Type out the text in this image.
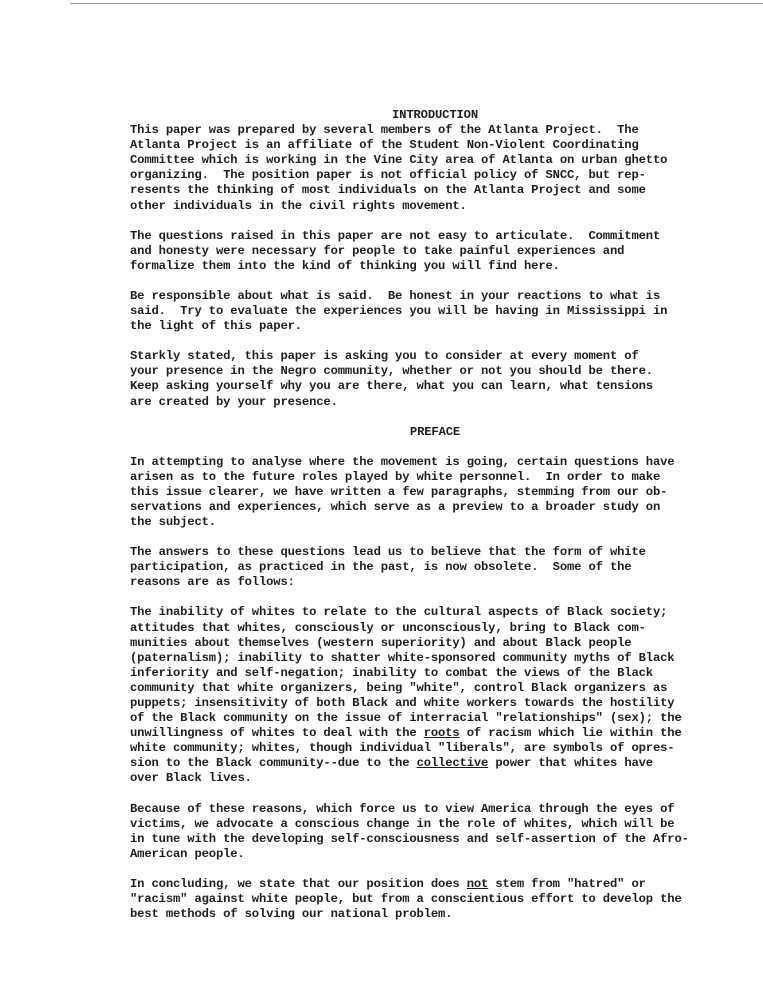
INTRODUCTION
This paper was prepared by several members of the Atlanta Project.  The
Atlanta Project is an affiliate of the Student Non-Violent Coordinating
Committee which is working in the Vine City area of Atlanta on urban ghetto
organizing.  The position paper is not official policy of SNCC, but rep-
resents the thinking of most individuals on the Atlanta Project and some
other individuals in the civil rights movement.
The questions raised in this paper are not easy to articulate.  Commitment
and honesty were necessary for people to take painful experiences and
formalize them into the kind of thinking you will find here.
Be responsible about what is said.  Be honest in your reactions to what is
said.  Try to evaluate the experiences you will be having in Mississippi in
the light of this paper.
Starkly stated, this paper is asking you to consider at every moment of
your presence in the Negro community, whether or not you should be there.
Keep asking yourself why you are there, what you can learn, what tensions
are created by your presence.
PREFACE
In attempting to analyse where the movement is going, certain questions have
arisen as to the future roles played by white personnel.  In order to make
this issue clearer, we have written a few paragraphs, stemming from our ob-
servations and experiences, which serve as a preview to a broader study on
the subject.
The answers to these questions lead us to believe that the form of white
participation, as practiced in the past, is now obsolete.  Some of the
reasons are as follows:
The inability of whites to relate to the cultural aspects of Black society;
attitudes that whites, consciously or unconsciously, bring to Black com-
munities about themselves (western superiority) and about Black people
(paternalism); inability to shatter white-sponsored community myths of Black
inferiority and self-negation; inability to combat the views of the Black
community that white organizers, being "white", control Black organizers as
puppets; insensitivity of both Black and white workers towards the hostility
of the Black community on the issue of interracial "relationships" (sex); the
unwillingness of whites to deal with the roots of racism which lie within the
white community; whites, though individual "liberals", are symbols of opres-
sion to the Black community--due to the collective power that whites have
over Black lives.
Because of these reasons, which force us to view America through the eyes of
victims, we advocate a conscious change in the role of whites, which will be
in tune with the developing self-consciousness and self-assertion of the Afro-
American people.
In concluding, we state that our position does not stem from "hatred" or
"racism" against white people, but from a conscientious effort to develop the
best methods of solving our national problem.
